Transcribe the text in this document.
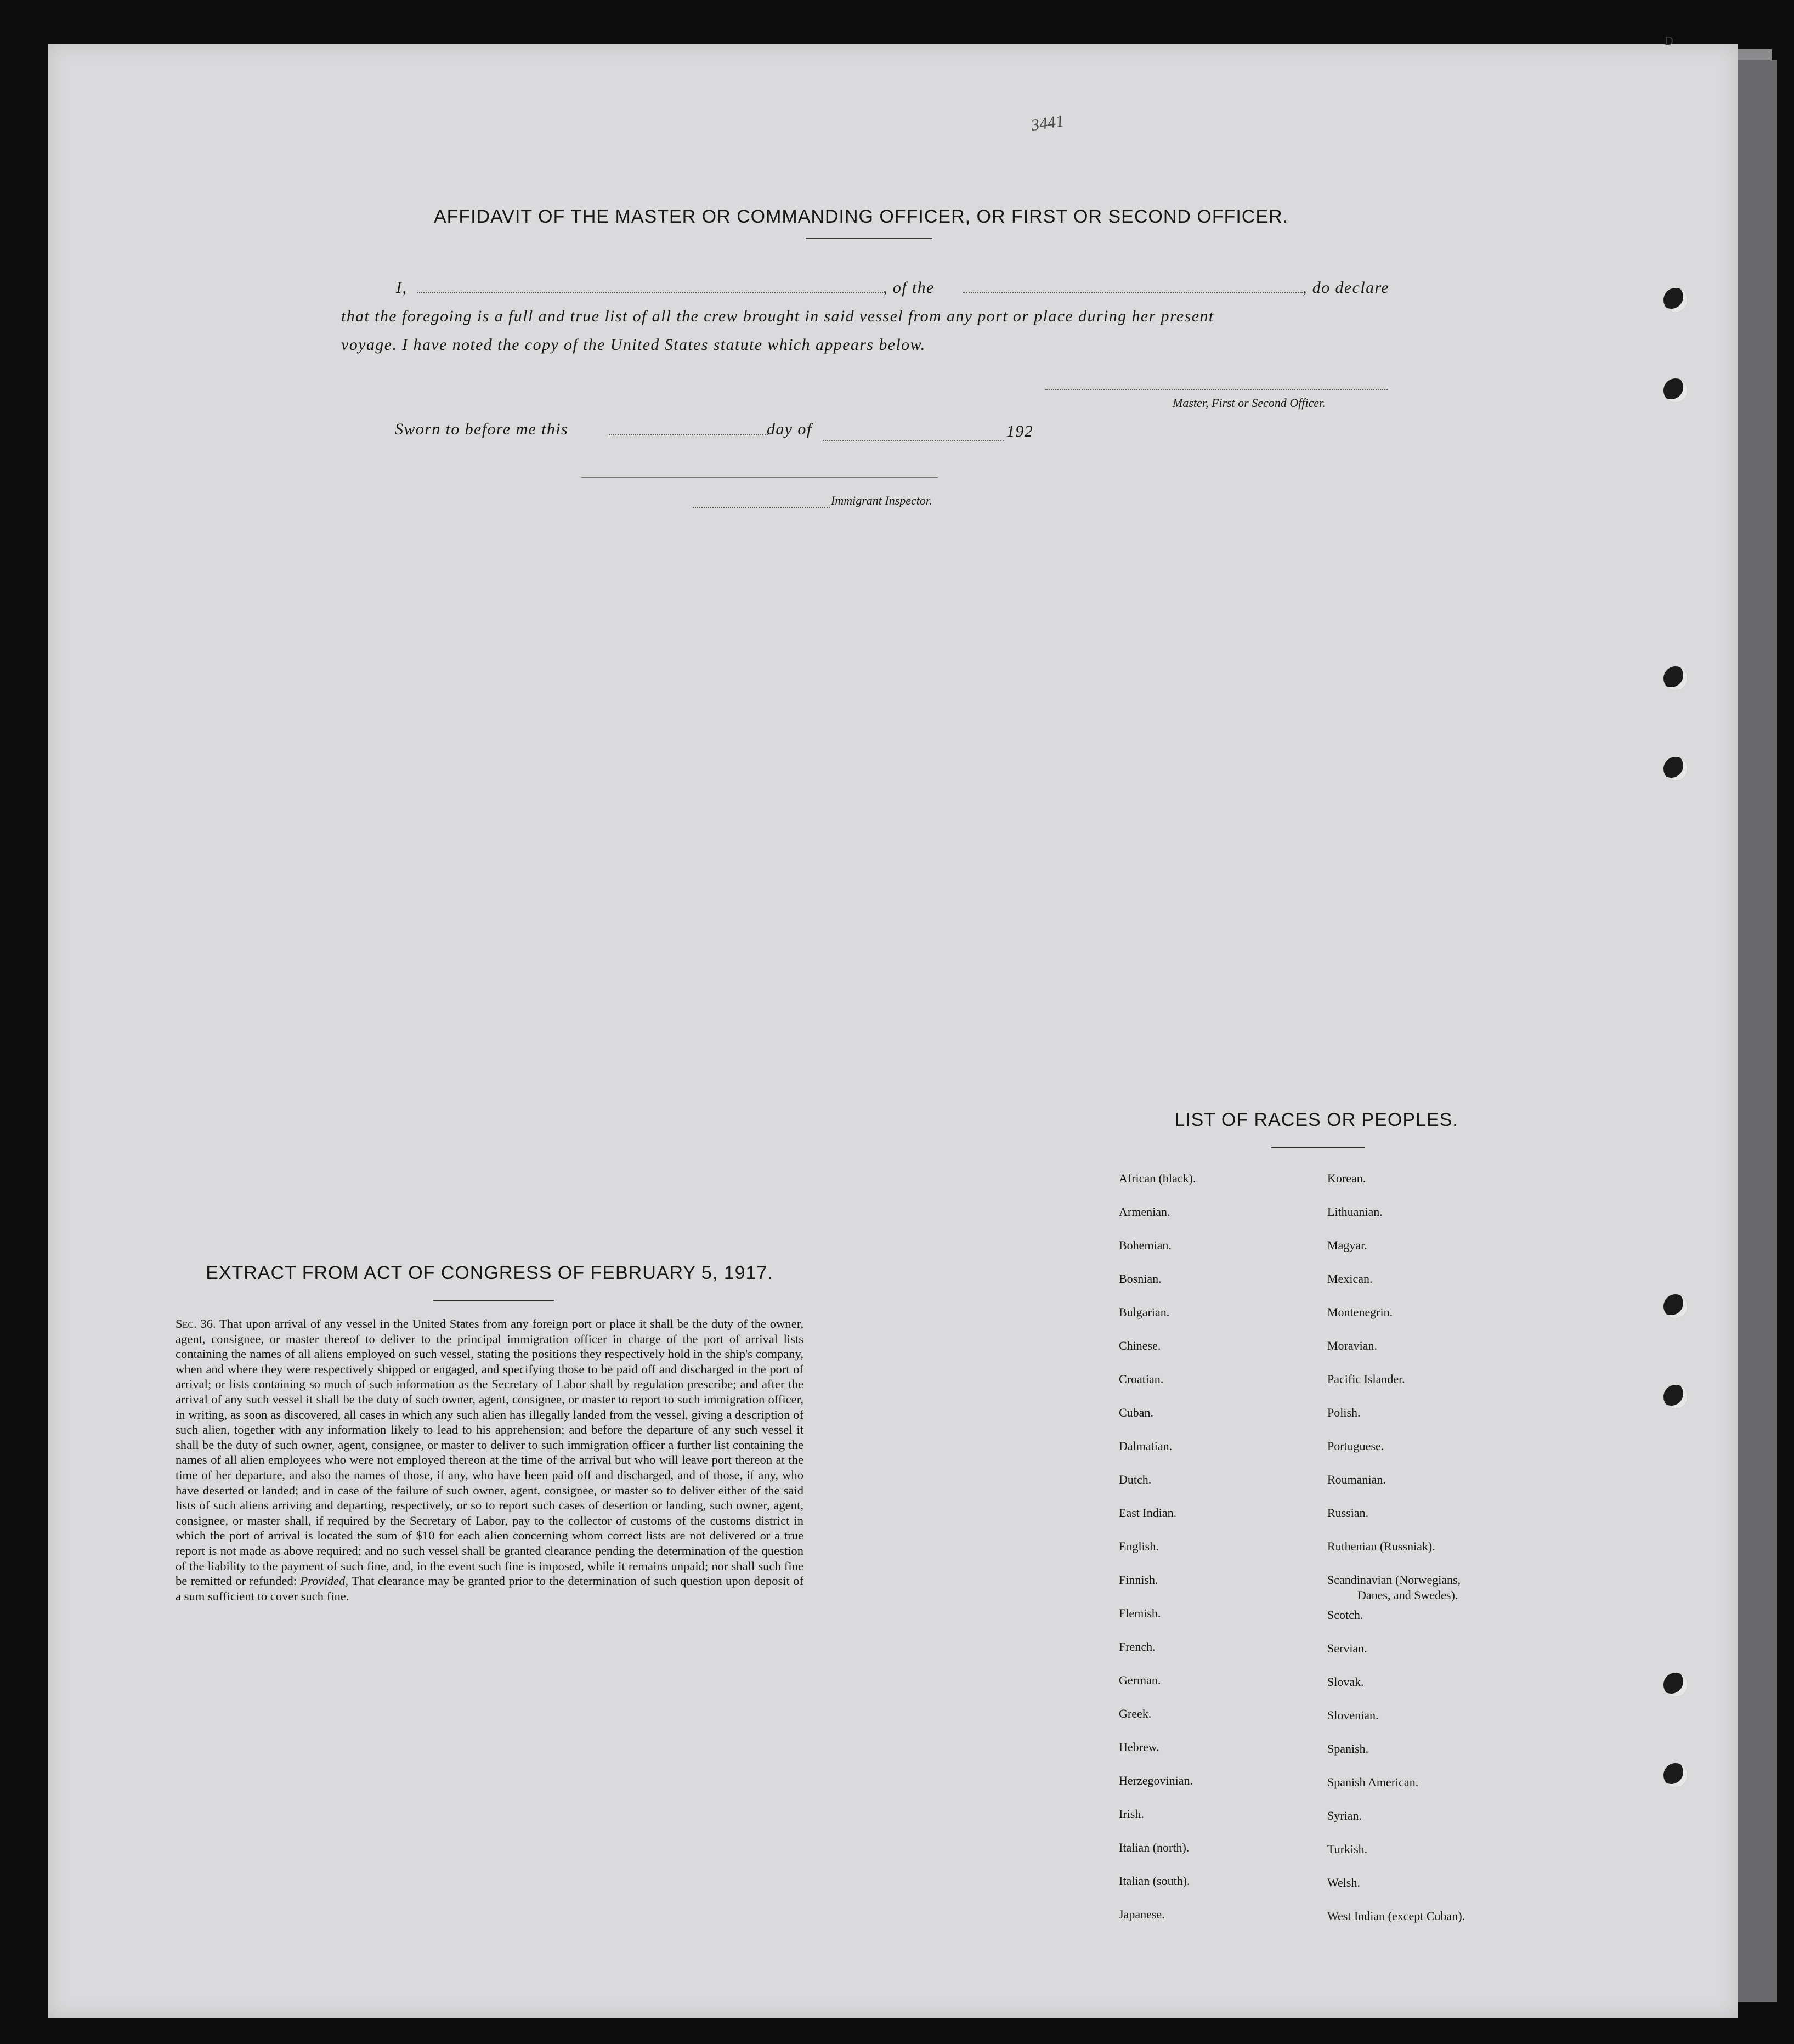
D
3441
AFFIDAVIT OF THE MASTER OR COMMANDING OFFICER, OR FIRST OR SECOND OFFICER.
I,	, of the	, do declare
that the foregoing is a full and true list of all the crew brought in said vessel from any port or place during her present
voyage. I have noted the copy of the United States statute which appears below.
Master, First or Second Officer.
Sworn to before me this	day of	192
Immigrant Inspector.
EXTRACT FROM ACT OF CONGRESS OF FEBRUARY 5, 1917.
Sec. 36. That upon arrival of any vessel in the United States from any foreign port or place it shall be the duty of the owner, agent, consignee, or master thereof to deliver to the principal immigration officer in charge of the port of arrival lists containing the names of all aliens employed on such vessel, stating the positions they respectively hold in the ship's company, when and where they were respectively shipped or engaged, and specifying those to be paid off and discharged in the port of arrival; or lists containing so much of such information as the Secretary of Labor shall by regulation prescribe; and after the arrival of any such vessel it shall be the duty of such owner, agent, consignee, or master to report to such immigration officer, in writing, as soon as discovered, all cases in which any such alien has illegally landed from the vessel, giving a description of such alien, together with any information likely to lead to his apprehension; and before the departure of any such vessel it shall be the duty of such owner, agent, consignee, or master to deliver to such immigration officer a further list containing the names of all alien employees who were not employed thereon at the time of the arrival but who will leave port thereon at the time of her departure, and also the names of those, if any, who have been paid off and discharged, and of those, if any, who have deserted or landed; and in case of the failure of such owner, agent, consignee, or master so to deliver either of the said lists of such aliens arriving and departing, respectively, or so to report such cases of desertion or landing, such owner, agent, consignee, or master shall, if required by the Secretary of Labor, pay to the collector of customs of the customs district in which the port of arrival is located the sum of $10 for each alien concerning whom correct lists are not delivered or a true report is not made as above required; and no such vessel shall be granted clearance pending the determination of the question of the liability to the payment of such fine, and, in the event such fine is imposed, while it remains unpaid; nor shall such fine be remitted or refunded: Provided, That clearance may be granted prior to the determination of such question upon deposit of a sum sufficient to cover such fine.
LIST OF RACES OR PEOPLES.
African (black).
Armenian.
Bohemian.
Bosnian.
Bulgarian.
Chinese.
Croatian.
Cuban.
Dalmatian.
Dutch.
East Indian.
English.
Finnish.
Flemish.
French.
German.
Greek.
Hebrew.
Herzegovinian.
Irish.
Italian (north).
Italian (south).
Japanese.
Korean.
Lithuanian.
Magyar.
Mexican.
Montenegrin.
Moravian.
Pacific Islander.
Polish.
Portuguese.
Roumanian.
Russian.
Ruthenian (Russniak).
Scandinavian (Norwegians,
Danes, and Swedes).
Scotch.
Servian.
Slovak.
Slovenian.
Spanish.
Spanish American.
Syrian.
Turkish.
Welsh.
West Indian (except Cuban).
